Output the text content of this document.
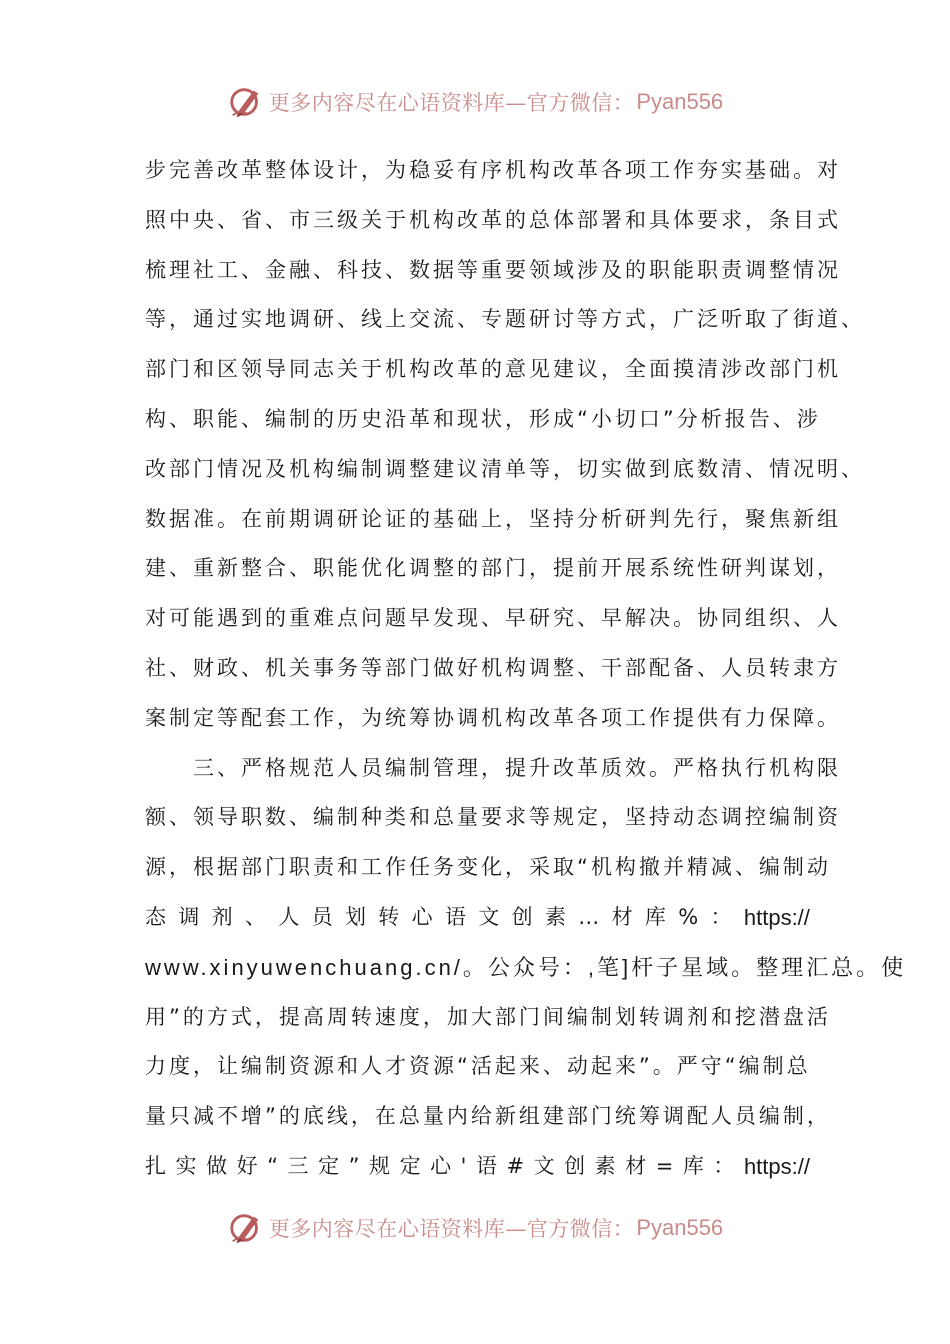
更多内容尽在心语资料库—官方微信： Pyan556
步完善改革整体设计，为稳妥有序机构改革各项工作夯实基础。对
照中央、省、市三级关于机构改革的总体部署和具体要求，条目式
梳理社工、金融、科技、数据等重要领域涉及的职能职责调整情况
等，通过实地调研、线上交流、专题研讨等方式，广泛听取了街道、
部门和区领导同志关于机构改革的意见建议，全面摸清涉改部门机
构、职能、编制的历史沿革和现状，形成“小切口”分析报告、涉
改部门情况及机构编制调整建议清单等，切实做到底数清、情况明、
数据准。在前期调研论证的基础上，坚持分析研判先行，聚焦新组
建、重新整合、职能优化调整的部门，提前开展系统性研判谋划，
对可能遇到的重难点问题早发现、早研究、早解决。协同组织、人
社、财政、机关事务等部门做好机构调整、干部配备、人员转隶方
案制定等配套工作，为统筹协调机构改革各项工作提供有力保障。
　　三、严格规范人员编制管理，提升改革质效。严格执行机构限
额、领导职数、编制种类和总量要求等规定，坚持动态调控编制资
源，根据部门职责和工作任务变化，采取“机构撤并精减、编制动
态 调 剂 、 人 员 划 转 心 语 文 创 素 … 材 库 % ： https://
www.xinyuwenchuang.cn/。公众号：,笔]杆子星域。整理汇总。使
用”的方式，提高周转速度，加大部门间编制划转调剂和挖潜盘活
力度，让编制资源和人才资源“活起来、动起来”。严守“编制总
量只减不增”的底线，在总量内给新组建部门统筹调配人员编制，
扎 实 做 好 “ 三 定 ” 规 定 心 ' 语 # 文 创 素 材 = 库 ： https://
更多内容尽在心语资料库—官方微信： Pyan556
